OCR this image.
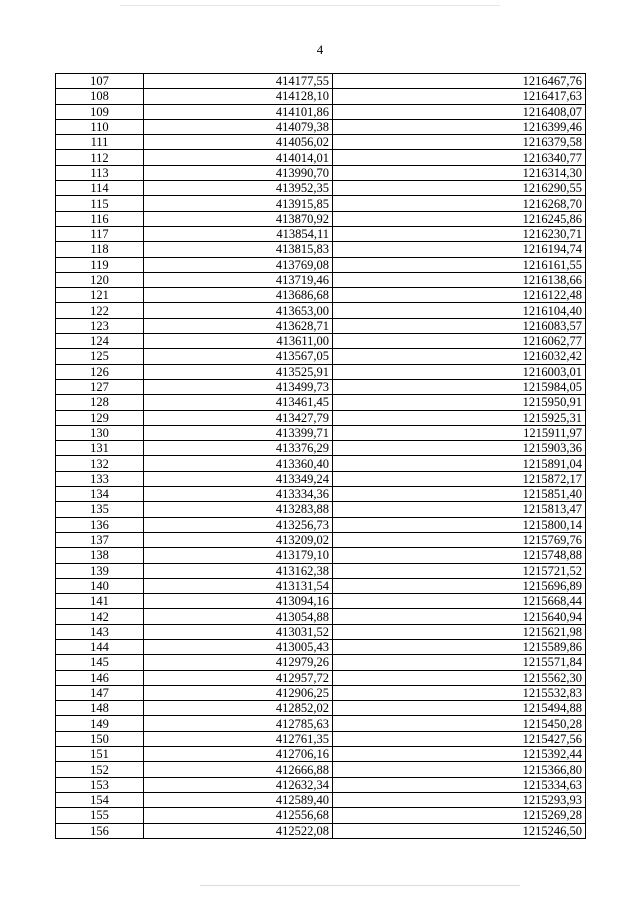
4
107	414177,55	1216467,76
108	414128,10	1216417,63
109	414101,86	1216408,07
110	414079,38	1216399,46
111	414056,02	1216379,58
112	414014,01	1216340,77
113	413990,70	1216314,30
114	413952,35	1216290,55
115	413915,85	1216268,70
116	413870,92	1216245,86
117	413854,11	1216230,71
118	413815,83	1216194,74
119	413769,08	1216161,55
120	413719,46	1216138,66
121	413686,68	1216122,48
122	413653,00	1216104,40
123	413628,71	1216083,57
124	413611,00	1216062,77
125	413567,05	1216032,42
126	413525,91	1216003,01
127	413499,73	1215984,05
128	413461,45	1215950,91
129	413427,79	1215925,31
130	413399,71	1215911,97
131	413376,29	1215903,36
132	413360,40	1215891,04
133	413349,24	1215872,17
134	413334,36	1215851,40
135	413283,88	1215813,47
136	413256,73	1215800,14
137	413209,02	1215769,76
138	413179,10	1215748,88
139	413162,38	1215721,52
140	413131,54	1215696,89
141	413094,16	1215668,44
142	413054,88	1215640,94
143	413031,52	1215621,98
144	413005,43	1215589,86
145	412979,26	1215571,84
146	412957,72	1215562,30
147	412906,25	1215532,83
148	412852,02	1215494,88
149	412785,63	1215450,28
150	412761,35	1215427,56
151	412706,16	1215392,44
152	412666,88	1215366,80
153	412632,34	1215334,63
154	412589,40	1215293,93
155	412556,68	1215269,28
156	412522,08	1215246,50
